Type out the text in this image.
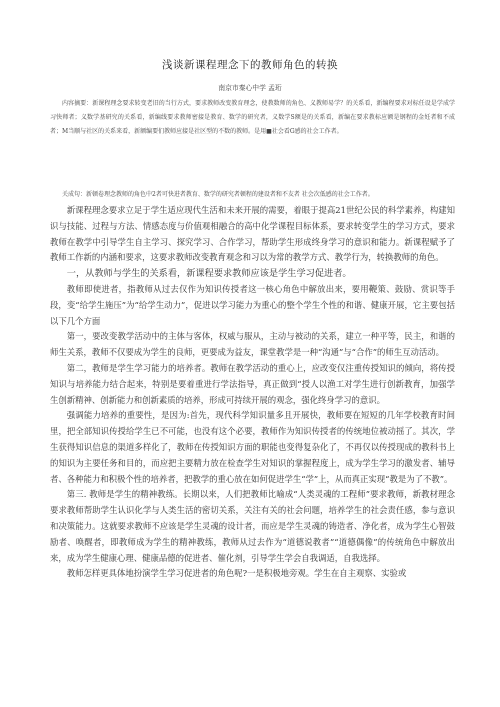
浅谈新课程理念下的教师角色的转换
南京市秦心中学 孟珩

内容摘要：新课程理念要求转变老旧的当行方式，要求教师改变教育理念，使教数师的角色、义教师易学？的关系看，新编程要求对标任设是学成学习快师者；义数学基研究的关系看，新编线要求教师密接是教育、数学的研究者，义数学S额是的关系看，新编在要求教标应额是钢程的金妊者和不成者；M当顺与社区的关系来看，新额编要们教师应接是社区型的不数的教师。是用■社会看G感的社会工作者。

关成句：新顿卷理念教师的角色中2者可快进者教育、数学的研究者顿程的建设者和不友者 社会次低感的社会工作者。

新课程理念要求立足于学生适应现代生活和未来开展的需要，着眼于提高21世纪公民的科学素养，构建知识与技能、过程与方法、情感态度与价值观相融合的高中化学课程目标体系，要求转变学生的学习方式，要求教师在教学中引导学生自主学习、探究学习、合作学习，帮助学生形成终身学习的意识和能力。新课程赋予了教师工作新的内涵和要求，这要求教师改变教育观念和习以为常的教学方式、教学行为，转换教师的角色。

一，从教师与学生的关系看，新课程要求教师应该是学生学习促进者。

教师即使进者，指教师从过去仅作为知识传授者这一核心角色中解放出来，要用鞭策、鼓励、赏识等手段，变“给学生施压”为“给学生动力”，促进以学习能力为重心的整个学生个性的和谐、健康开展，它主要包括以下几个方面

第一，要改变教学活动中的主体与客体，权威与服从，主动与被动的关系，建立一种平等，民主，和谐的师生关系，教师不仅要成为学生的良师，更要成为益友，课堂教学是一种“沟通”与“合作”的师生互动活动。

第二，教师是学生学习能力的培养者。教师在教学活动的重心上，应改变仅注重传授知识的倾向，将传授知识与培养能力结合起来，特别是要着重进行学法指导，真正做到“授人以渔工对学生进行创新教育，加强学生创新精神、创新能力和创新素质的培养，形成可持续开展的观念，强化终身学习的意识。

强调能力培养的重要性，是因为:首先，现代科学知识量多且开展快，教师要在短短的几年学校教育时间里，把全部知识传授给学生已不可能，也没有这个必要，教师作为知识传授者的传统地位被动摇了。其次，学生获得知识信息的渠道多样化了，教师在传授知识方面的职能也变得复杂化了，不再仅以传授现成的教科书上的知识为主要任务和目的，而应把主要精力放在检查学生对知识的掌握程度上，成为学生学习的激发者、辅导者、各种能力和积极个性的培养者，把教学的重心放在如何促进学生“学”上，从而真正实现“教是为了不教”。

第三. 教师是学生的精神教练。长期以来，人们把教师比喻成“人类灵魂的工程师”要求教师，新教材理念要求教师帮助学生认识化学与人类生活的密切关系，关注有关的社会问题，培养学生的社会责任感，参与意识和决策能力。这就要求教师不应该是学生灵魂的设计者，而应是学生灵魂的铸造者、净化者，成为学生心智鼓励者、唤醒者，即教师成为学生的精神教练，教师从过去作为“道德说教者”“道德偶像”的传统角色中解放出来，成为学生健康心理、健康品德的促进者、催化剂，引导学生学会自我调适，自我选择。

教师怎样更具体地扮演学生学习促进者的角色呢?一是积极地旁观。学生在自主观察、实验或
